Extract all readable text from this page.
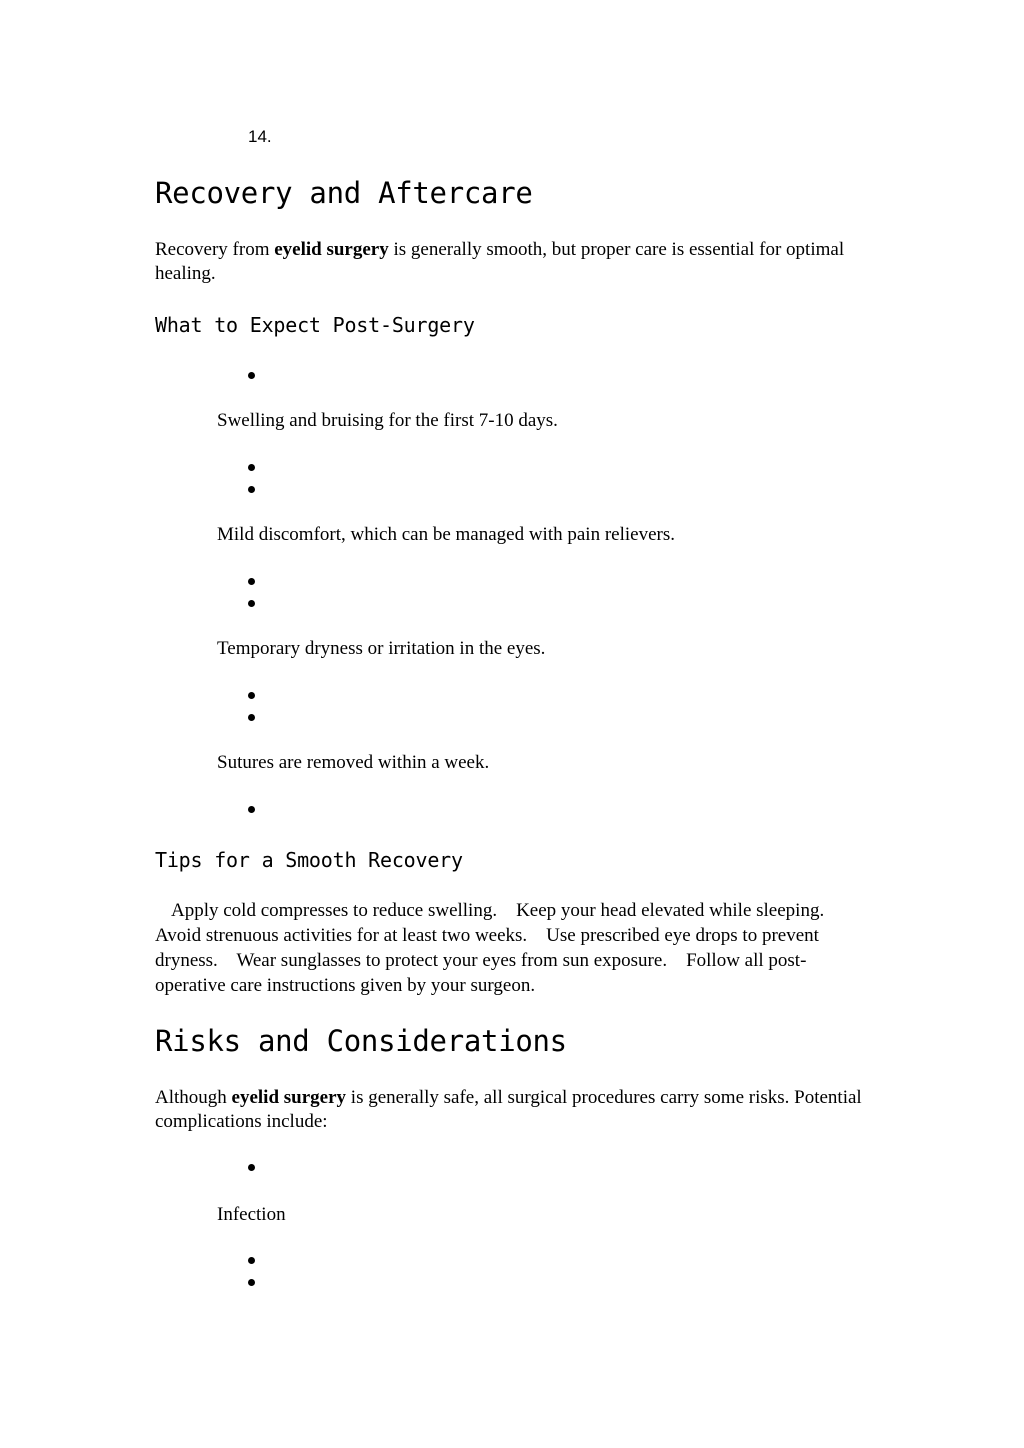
14.
Recovery and Aftercare

Recovery from eyelid surgery is generally smooth, but proper care is essential for optimal healing.

What to Expect Post-Surgery
Swelling and bruising for the first 7-10 days.
Mild discomfort, which can be managed with pain relievers.
Temporary dryness or irritation in the eyes.
Sutures are removed within a week.
Tips for a Smooth Recovery

Apply cold compresses to reduce swelling.    Keep your head elevated while sleeping.    Avoid strenuous activities for at least two weeks.    Use prescribed eye drops to prevent dryness.    Wear sunglasses to protect your eyes from sun exposure.    Follow all post-operative care instructions given by your surgeon.

Risks and Considerations

Although eyelid surgery is generally safe, all surgical procedures carry some risks. Potential complications include:

Infection
